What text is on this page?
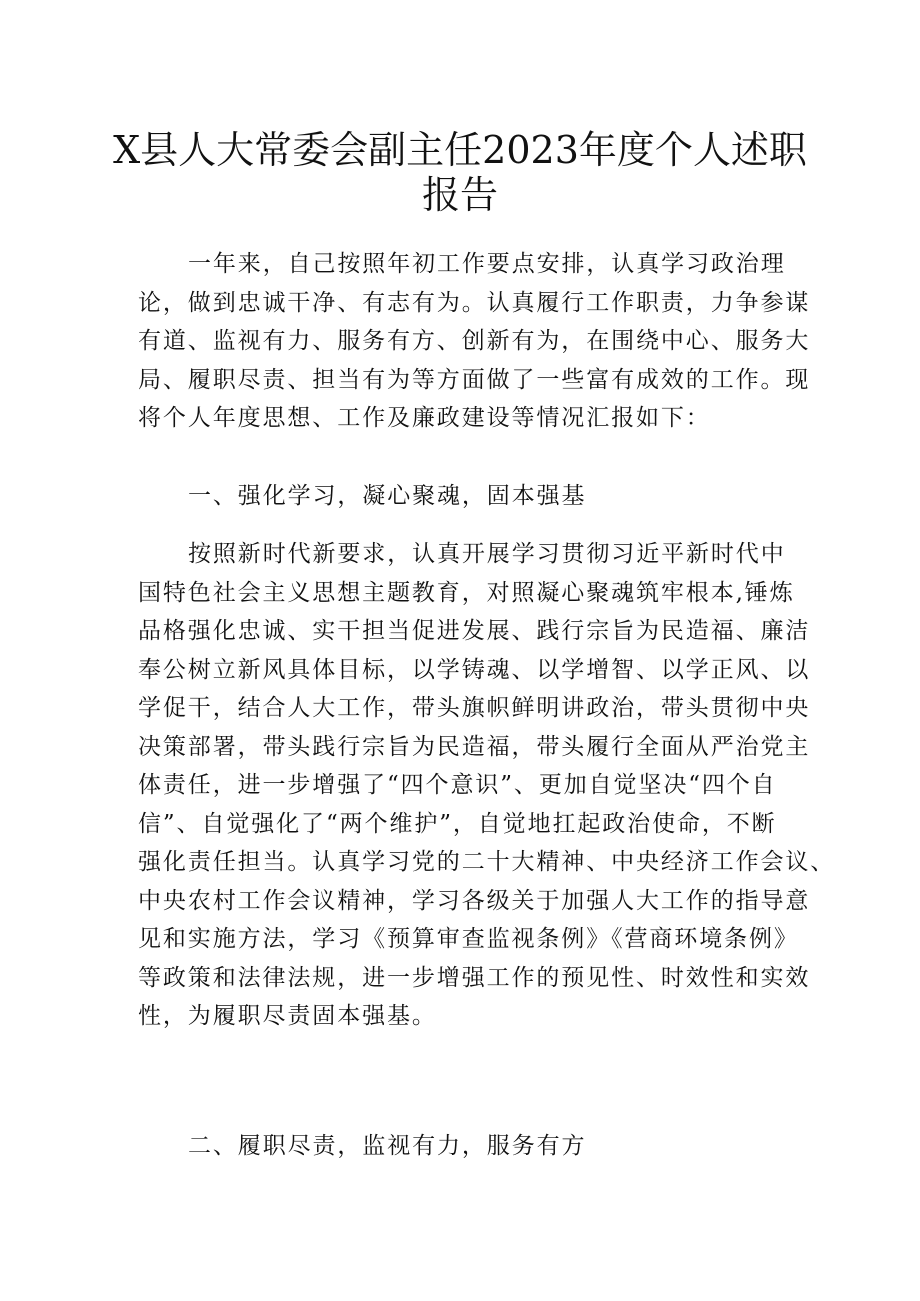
X县人大常委会副主任2023年度个人述职
报告
一年来，自己按照年初工作要点安排，认真学习政治理
论，做到忠诚干净、有志有为。认真履行工作职责，力争参谋
有道、监视有力、服务有方、创新有为，在围绕中心、服务大
局、履职尽责、担当有为等方面做了一些富有成效的工作。现
将个人年度思想、工作及廉政建设等情况汇报如下：
一、强化学习，凝心聚魂，固本强基
按照新时代新要求，认真开展学习贯彻习近平新时代中
国特色社会主义思想主题教育，对照凝心聚魂筑牢根本,锤炼
品格强化忠诚、实干担当促进发展、践行宗旨为民造福、廉洁
奉公树立新风具体目标，以学铸魂、以学增智、以学正风、以
学促干，结合人大工作，带头旗帜鲜明讲政治，带头贯彻中央
决策部署，带头践行宗旨为民造福，带头履行全面从严治党主
体责任，进一步增强了“四个意识”、更加自觉坚决“四个自
信”、自觉强化了“两个维护”，自觉地扛起政治使命，不断
强化责任担当。认真学习党的二十大精神、中央经济工作会议、
中央农村工作会议精神，学习各级关于加强人大工作的指导意
见和实施方法，学习《预算审查监视条例》《营商环境条例》
等政策和法律法规，进一步增强工作的预见性、时效性和实效
性，为履职尽责固本强基。
二、履职尽责，监视有力，服务有方
